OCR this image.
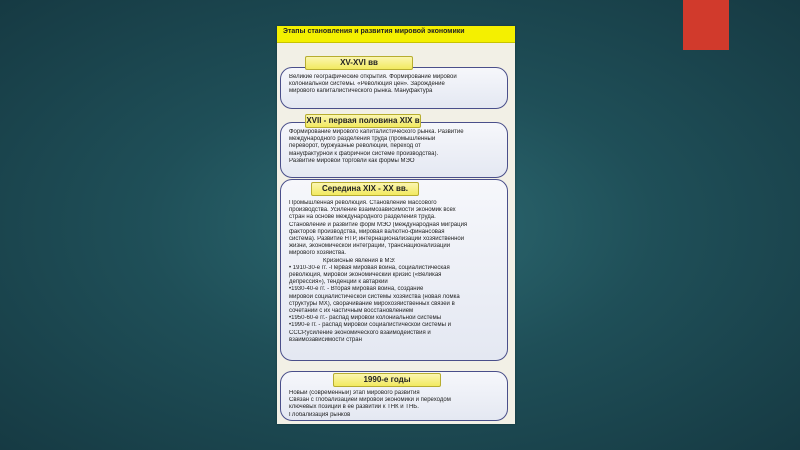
Этапы становления и развития мировой экономики
Великие географические открытия. Формирование мировой
колониальной системы. «Революция цен». Зарождение
мирового капиталистического рынка. Мануфактура
XV-XVI вв
Формирование мирового капиталистического рынка. Развитие
международного разделения труда (промышленный
переворот, буржуазные революции, переход от
мануфактурной к фабричной системе производства).
Развитие мировой торговли как формы МЭО
XVII - первая половина XIX в
Промышленная революция. Становление массового
производства. Усиление взаимозависимости экономик всех
стран на основе международного разделения труда.
Становление и развитие форм МЭО (международная миграция
факторов производства, мировая валютно-финансовая
система). Развитие НТР, интернационализации хозяйственной
жизни, экономической интеграции, транснационализации
мирового хозяйства.
Кризисные явления в МЭ:
• 1910-30-е гг. -Первая мировая война, социалистическая
революция, мировой экономический кризис («Великая
депрессия»), тенденции к автаркии
•1930-40-е гг. - Вторая мировая война, создание
мировой социалистической системы хозяйства (новая ломка
структуры МХ), сворачивание мирохозяйственных связей в
сочетании с их частичным восстановлением
•1950-60-е гг.- распад мировой колониальной системы
•1990-е гг. - распад мировой социалистической системы и
СССР,усиление экономического взаимодействия и
взаимозависимости стран
Середина XIX - XX вв.
Новый (современный) этап мирового развития
Связан с глобализацией мировой экономики и переходом
ключевых позиций в ее развитии к ТНК и ТНБ.
Глобализация рынков
1990-е годы
